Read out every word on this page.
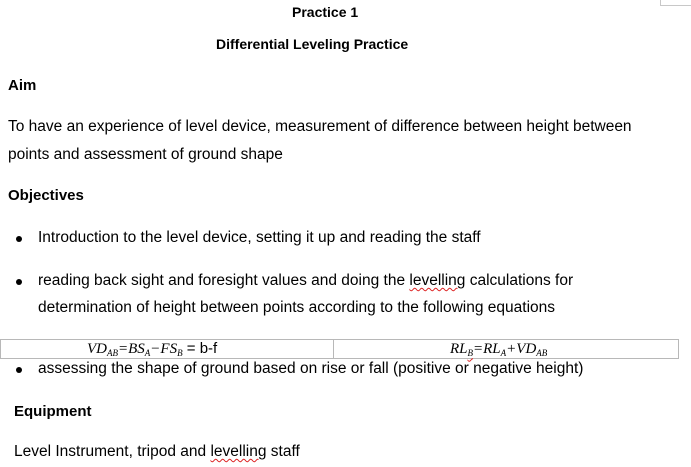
Practice 1
Differential Leveling Practice
Aim
To have an experience of level device, measurement of difference between height between
points and assessment of ground shape
Objectives
Introduction to the level device, setting it up and reading the staff
reading back sight and foresight values and doing the levelling calculations for
determination of height between points according to the following equations
$VD_{AB}=BS_A-FS_B = b-f$	$RL_B=RL_A+VD_{AB}$
assessing the shape of ground based on rise or fall (positive or negative height)
Equipment
Level Instrument, tripod and levelling staff
